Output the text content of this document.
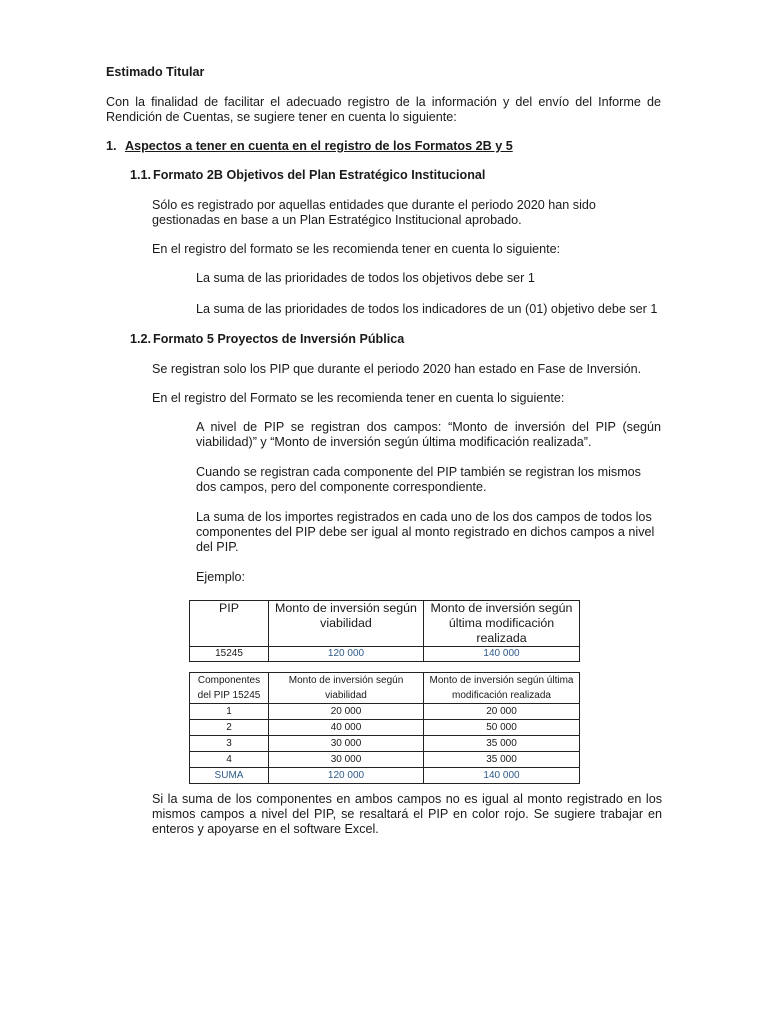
Estimado Titular
Con la finalidad de facilitar el adecuado registro de la información y del envío del Informe de Rendición de Cuentas, se sugiere tener en cuenta lo siguiente:
1. Aspectos a tener en cuenta en el registro de los Formatos 2B y 5
1.1. Formato 2B Objetivos del Plan Estratégico Institucional
Sólo es registrado por aquellas entidades que durante el periodo 2020 han sido gestionadas en base a un Plan Estratégico Institucional aprobado.
En el registro del formato se les recomienda tener en cuenta lo siguiente:
La suma de las prioridades de todos los objetivos debe ser 1
La suma de las prioridades de todos los indicadores de un (01) objetivo debe ser 1
1.2. Formato 5 Proyectos de Inversión Pública
Se registran solo los PIP que durante el periodo 2020 han estado en Fase de Inversión.
En el registro del Formato se les recomienda tener en cuenta lo siguiente:
A nivel de PIP se registran dos campos: “Monto de inversión del PIP (según viabilidad)” y “Monto de inversión según última modificación realizada”.
Cuando se registran cada componente del PIP también se registran los mismos dos campos, pero del componente correspondiente.
La suma de los importes registrados en cada uno de los dos campos de todos los componentes del PIP debe ser igual al monto registrado en dichos campos a nivel del PIP.
Ejemplo:
PIP	Monto de inversión según viabilidad	Monto de inversión según última modificación realizada
15245	120 000	140 000
Componentes del PIP 15245	Monto de inversión según viabilidad	Monto de inversión según última modificación realizada
1	20 000	20 000
2	40 000	50 000
3	30 000	35 000
4	30 000	35 000
SUMA	120 000	140 000
Si la suma de los componentes en ambos campos no es igual al monto registrado en los mismos campos a nivel del PIP, se resaltará el PIP en color rojo. Se sugiere trabajar en enteros y apoyarse en el software Excel.
